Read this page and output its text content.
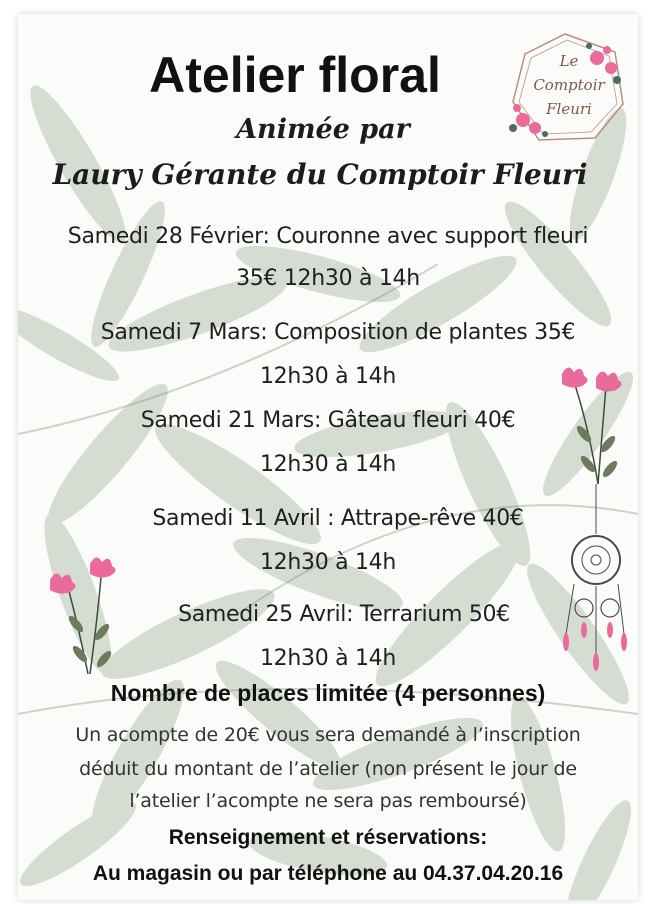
Le
Comptoir
Fleuri
Atelier floral
Animée par
Laury Gérante du Comptoir Fleuri
Samedi 28 Février: Couronne avec support fleuri
35€ 12h30 à 14h
Samedi 7 Mars: Composition de plantes 35€
12h30 à 14h
Samedi 21 Mars: Gâteau fleuri 40€
12h30 à 14h
Samedi 11 Avril : Attrape-rêve 40€
12h30 à 14h
Samedi 25 Avril: Terrarium 50€
12h30 à 14h
Nombre de places limitée (4 personnes)
Un acompte de 20€ vous sera demandé à l’inscription
déduit du montant de l’atelier (non présent le jour de
l’atelier l’acompte ne sera pas remboursé)
Renseignement et réservations:
Au magasin ou par téléphone au 04.37.04.20.16
